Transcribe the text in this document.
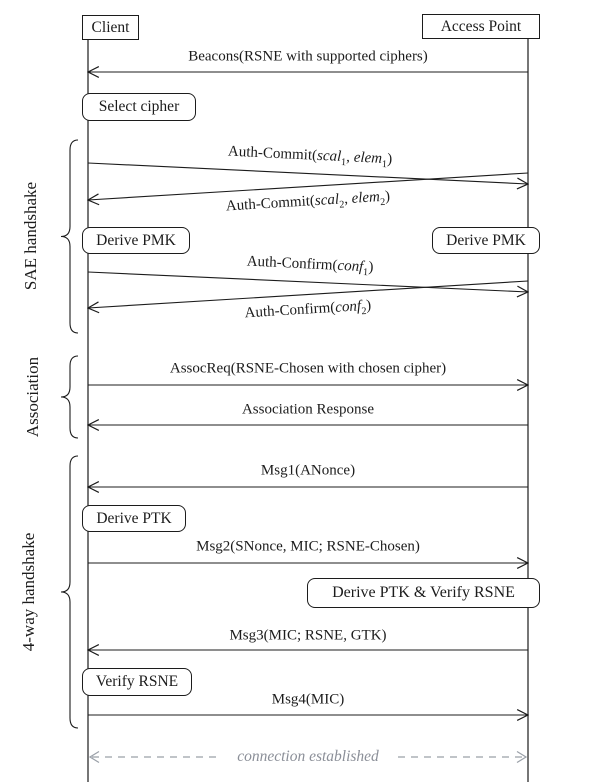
Client	Access Point
Select cipher
Derive PMK	Derive PMK
Derive PTK
Derive PTK & Verify RSNE
Verify RSNE
Beacons(RSNE with supported ciphers)
Auth-Commit(scal$_1$, elem$_1$)
Auth-Commit(scal$_2$, elem$_2$)
Auth-Confirm(conf$_1$)
Auth-Confirm(conf$_2$)
AssocReq(RSNE-Chosen with chosen cipher)
Association Response
Msg1(ANonce)
Msg2(SNonce, MIC; RSNE-Chosen)
Msg3(MIC; RSNE, GTK)
Msg4(MIC)
connection established
SAE handshake
Association
4-way handshake
